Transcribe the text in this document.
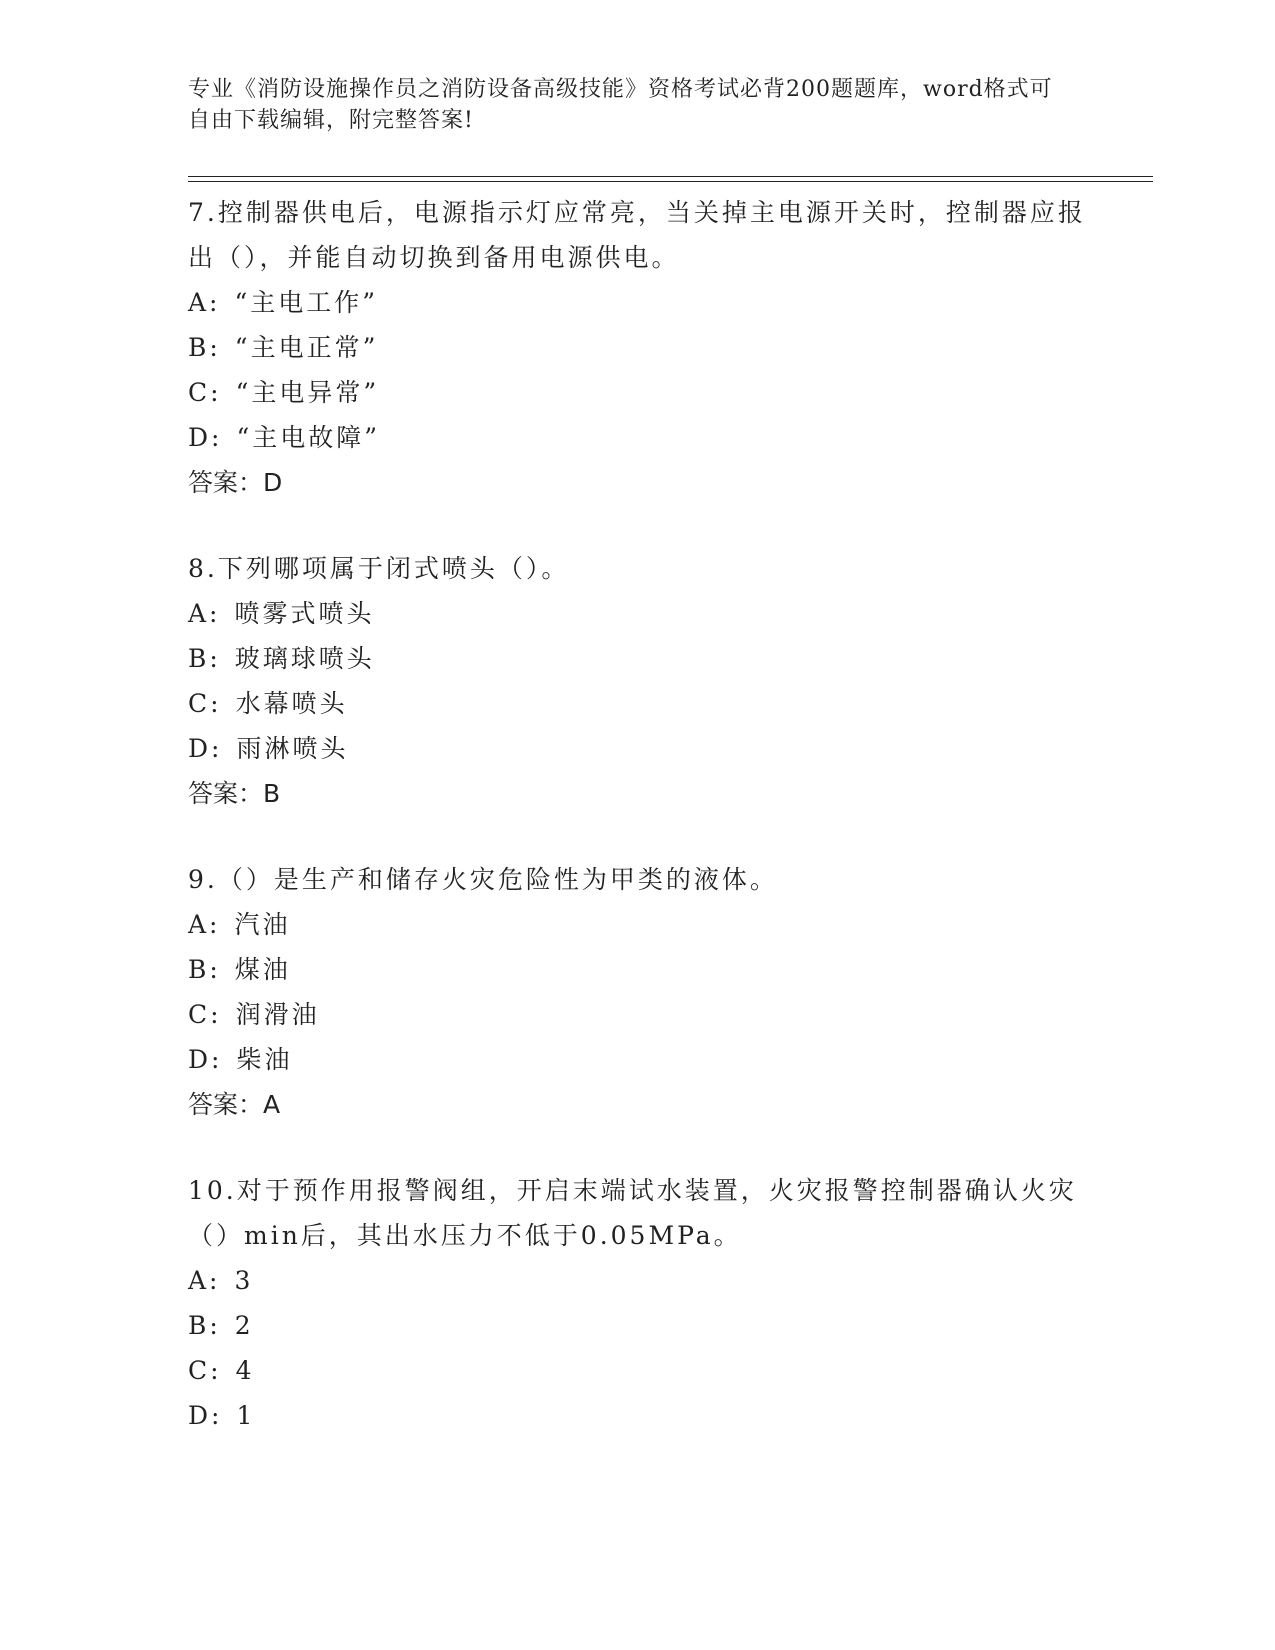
专业《消防设施操作员之消防设备高级技能》资格考试必背200题题库，word格式可自由下载编辑，附完整答案!

7.控制器供电后，电源指示灯应常亮，当关掉主电源开关时，控制器应报出（），并能自动切换到备用电源供电。

A: “主电工作”

B: “主电正常”

C: “主电异常”

D: “主电故障”

答案：D

8.下列哪项属于闭式喷头（）。

A: 喷雾式喷头

B: 玻璃球喷头

C: 水幕喷头

D: 雨淋喷头

答案：B

9.（）是生产和储存火灾危险性为甲类的液体。

A: 汽油

B: 煤油

C: 润滑油

D: 柴油

答案：A

10.对于预作用报警阀组，开启末端试水装置，火灾报警控制器确认火灾（）min后，其出水压力不低于0.05MPa。

A: 3

B: 2

C: 4

D: 1
